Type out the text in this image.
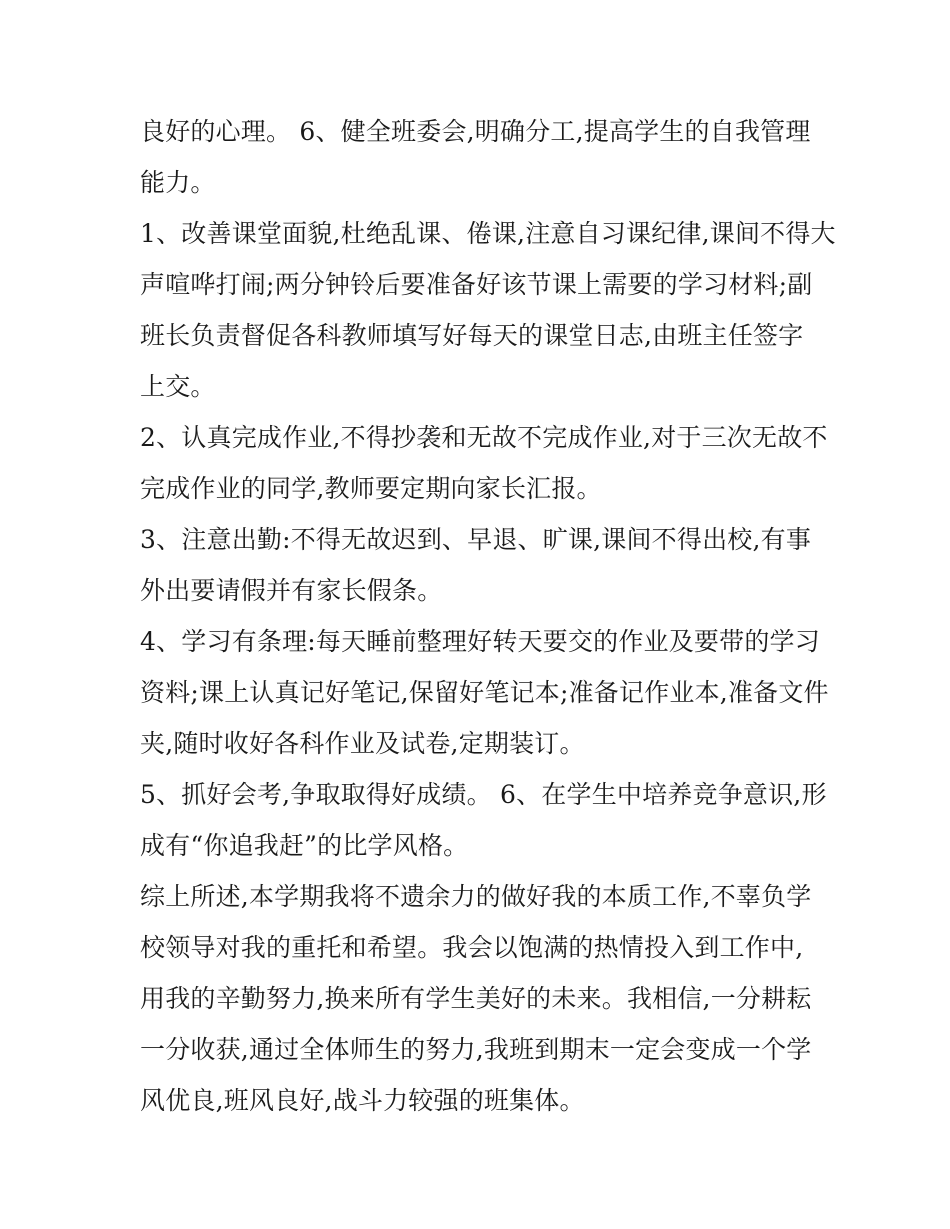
良好的心理。 6、健全班委会,明确分工,提高学生的自我管理
能力。
1、改善课堂面貌,杜绝乱课、倦课,注意自习课纪律,课间不得大
声喧哗打闹;两分钟铃后要准备好该节课上需要的学习材料;副
班长负责督促各科教师填写好每天的课堂日志,由班主任签字
上交。
2、认真完成作业,不得抄袭和无故不完成作业,对于三次无故不
完成作业的同学,教师要定期向家长汇报。
3、注意出勤:不得无故迟到、早退、旷课,课间不得出校,有事
外出要请假并有家长假条。
4、学习有条理:每天睡前整理好转天要交的作业及要带的学习
资料;课上认真记好笔记,保留好笔记本;准备记作业本,准备文件
夹,随时收好各科作业及试卷,定期装订。
5、抓好会考,争取取得好成绩。 6、在学生中培养竞争意识,形
成有“你追我赶”的比学风格。
综上所述,本学期我将不遗余力的做好我的本质工作,不辜负学
校领导对我的重托和希望。我会以饱满的热情投入到工作中,
用我的辛勤努力,换来所有学生美好的未来。我相信,一分耕耘
一分收获,通过全体师生的努力,我班到期末一定会变成一个学
风优良,班风良好,战斗力较强的班集体。
